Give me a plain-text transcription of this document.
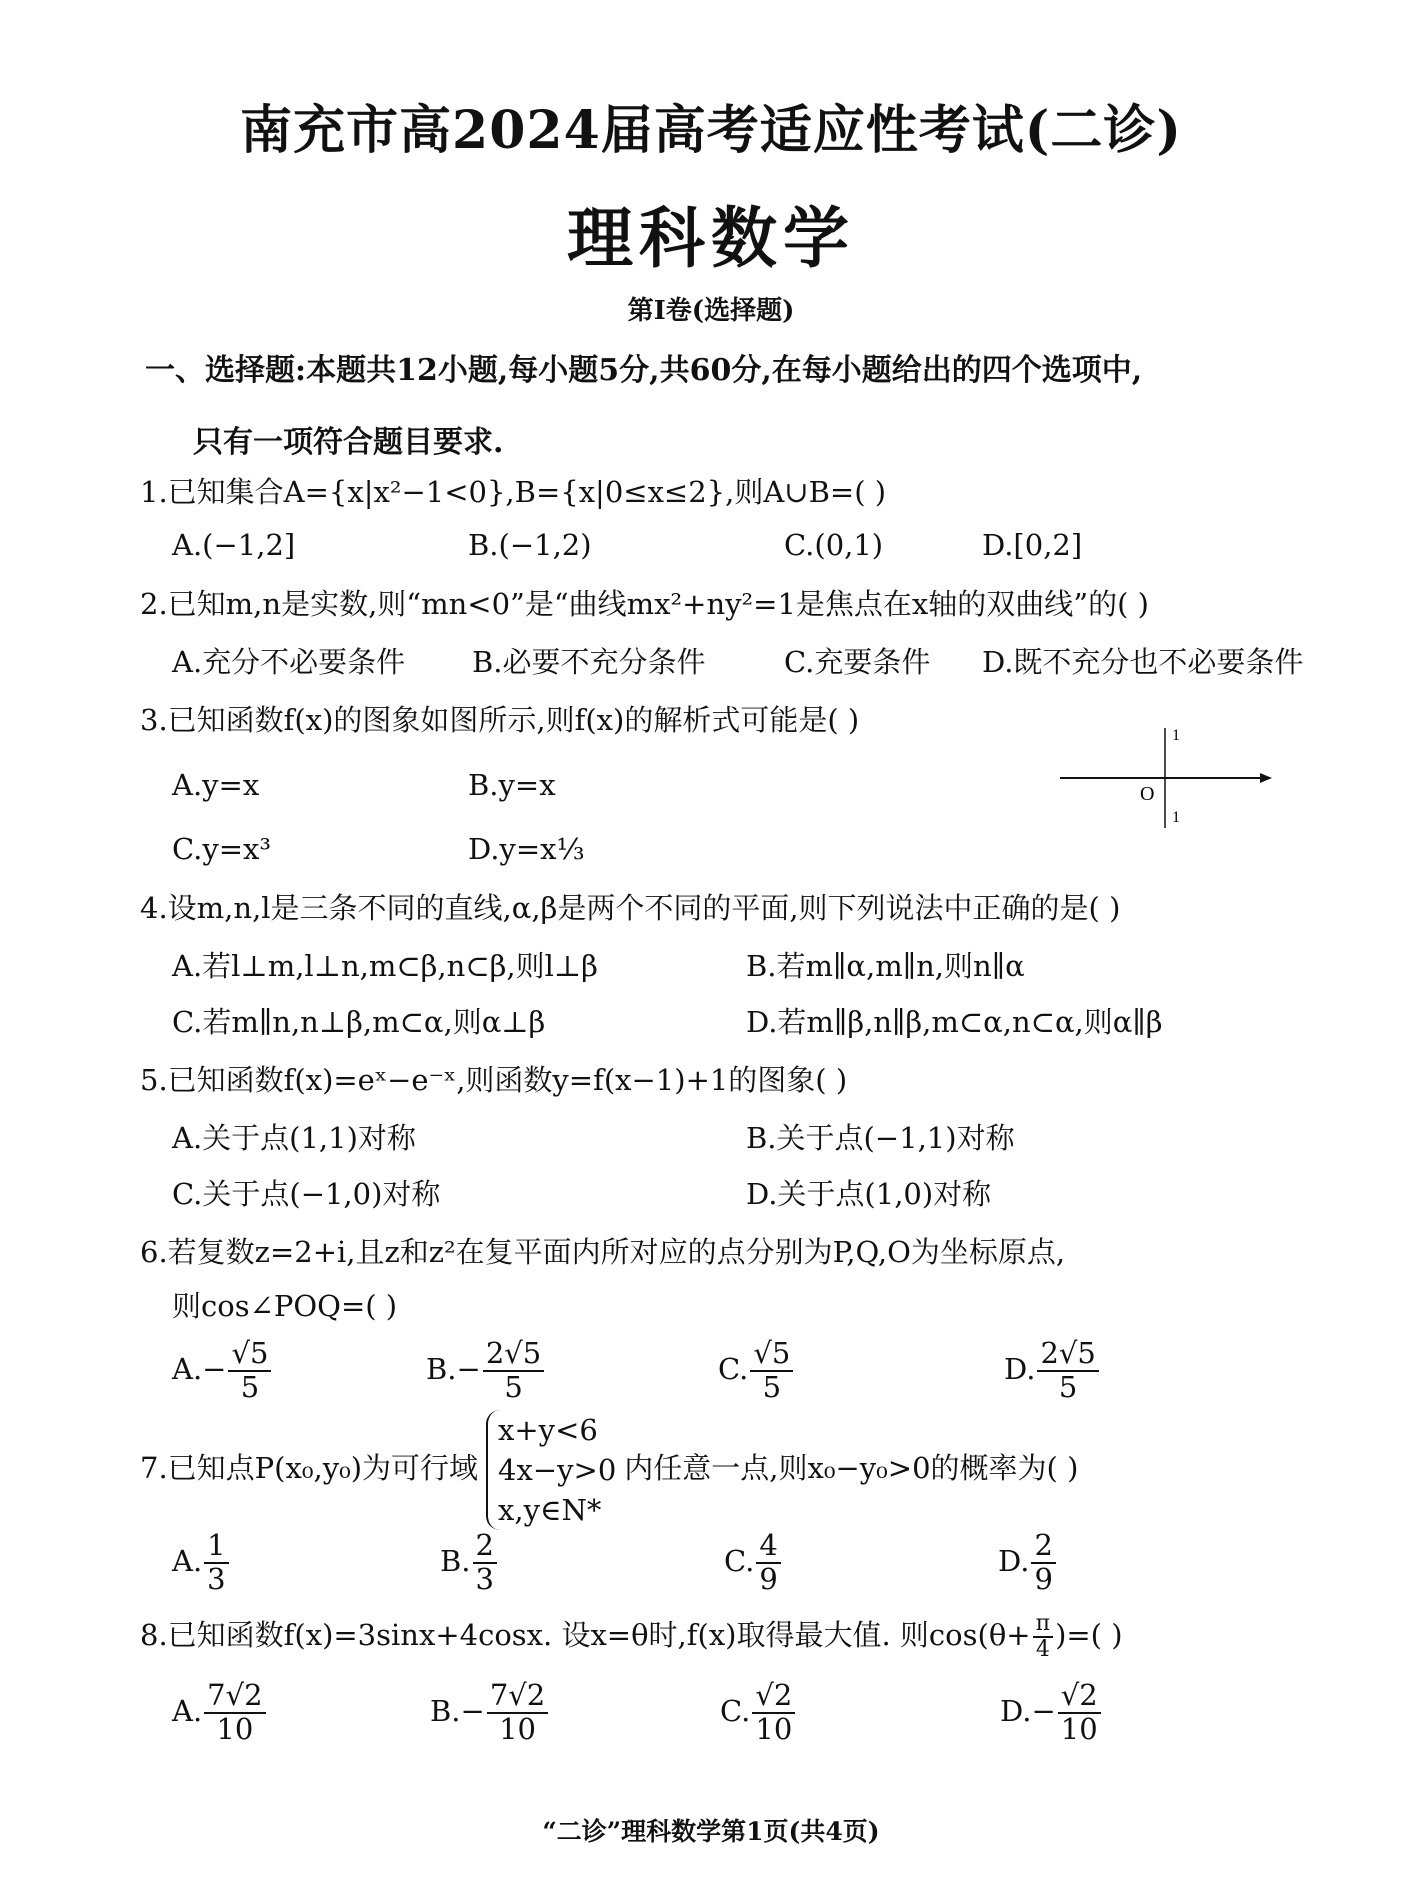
南充市高2024届高考适应性考试(二诊)
理科数学
第Ⅰ卷(选择题)
一、选择题:本题共12小题,每小题5分,共60分,在每小题给出的四个选项中,
只有一项符合题目要求.
1.已知集合A={x|x²−1<0},B={x|0≤x≤2},则A∪B=( )
A.(−1,2]	B.(−1,2)	C.(0,1)	D.[0,2]
2.已知m,n是实数,则“mn<0”是“曲线mx²+ny²=1是焦点在x轴的双曲线”的( )
A.充分不必要条件 B.必要不充分条件	C.充要条件 D.既不充分也不必要条件
3.已知函数f(x)的图象如图所示,则f(x)的解析式可能是( )
A.y=x	B.y=x
C.y=x³	D.y=x⅓
O
1
1
4.设m,n,l是三条不同的直线,α,β是两个不同的平面,则下列说法中正确的是( )
A.若l⊥m,l⊥n,m⊂β,n⊂β,则l⊥β	B.若m∥α,m∥n,则n∥α
C.若m∥n,n⊥β,m⊂α,则α⊥β	D.若m∥β,n∥β,m⊂α,n⊂α,则α∥β
5.已知函数f(x)=eˣ−e⁻ˣ,则函数y=f(x−1)+1的图象( )
A.关于点(1,1)对称	B.关于点(−1,1)对称
C.关于点(−1,0)对称	D.关于点(1,0)对称
6.若复数z=2+i,且z和z²在复平面内所对应的点分别为P,Q,O为坐标原点,
则cos∠POQ=( )
$A.- \frac{√5}{5}$	$B.- \frac{2√5}{5}$	C. $\frac{√5}{5}$	D. $\frac{2√5}{5}$
7.已知点P(x₀,y₀)为可行域
x+y<6
4x−y>0
x,y∈N*
内任意一点,则x₀−y₀>0的概率为( )
A. $\frac{1}{3}$	B. $\frac{2}{3}$	C. $\frac{4}{9}$	D. $\frac{2}{9}$
8.已知函数f(x)=3sinx+4cosx. 设x=θ时,f(x)取得最大值. 则$\cos(\theta+ \frac{\pi}{4}$ )=( )
A. $\frac{7√2}{10}$	$B.- \frac{7√2}{10}$	C. $\frac{√2}{10}$	$D.- \frac{√2}{10}$
“二诊”理科数学第1页(共4页)
